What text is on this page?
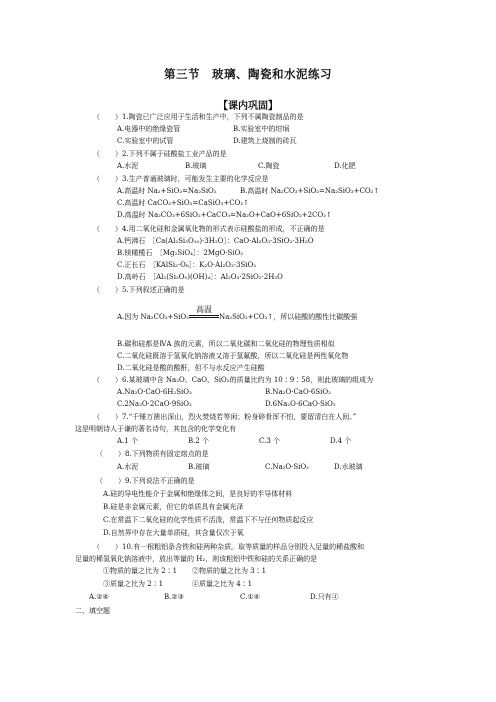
第三节　玻璃、陶瓷和水泥练习
【课内巩固】
（ ）1.陶瓷已广泛应用于生活和生产中，下列不属陶瓷制品的是
A.电器中的绝缘瓷管	B.实验室中的坩埚
C.实验室中的试管	D.建筑上烧制的砖瓦
（ ）2.下列不属于硅酸盐工业产品的是
A.水泥	B.玻璃	C.陶瓷	D.化肥
（ ）3.生产普通玻璃时，可能发生主要的化学反应是
A.高温时 Na₂+SiO₂=Na₂SiO₂	B.高温时 Na₂CO₃+SiO₂=Na₂SiO₃+CO₂↑
C.高温时 CaCO₃+SiO₂=CaSiO₃+CO₂↑
D.高温时 Na₂CO₃+6SiO₂+CaCO₃=Na₂O+CaO+6SiO₂+2CO₂↑
（ ）4.用二氧化硅和金属氧化物的形式表示硅酸盐的形成，不正确的是
A.钙沸石　［Ca(Al₂Si₃O₁₀)·3H₂O］：CaO·Al₂O₃·3SiO₂·3H₂O
B.镁橄榄石　［Mg₂SiO₄］：2MgO·SiO₂
C.正长石　［KAlSi₃·O₈］：K₂O·Al₂O₃·3SiO₂
D.高岭石　［Al₂(Si₂O₅)(OH)₄］：Al₂O₃·2SiO₂·2H₂O
（ ）5.下列叙述正确的是
A.因为 Na₂CO₃+SiO₂
高温
Na₂SiO₃+CO₂↑，所以硅酸的酸性比碳酸强
B.碳和硅都是ⅣA 族的元素，所以二氧化碳和二氧化硅的物理性质相似
C.二氧化硅既溶于氢氧化钠溶液又溶于氢氟酸，所以二氧化硅是两性氧化物
D.二氧化硅是酸的酸酐，但不与水反应产生硅酸
（ ）6.某玻璃中含 Na₂O、CaO、SiO₂的质量比约为 10∶9∶58，则此玻璃的组成为
A.Na₂O·CaO·6H₂SiO₃	B.Na₂O·CaO·6SiO₂
C.2Na₂O·2CaO·9SiO₂	D.6Na₂O·6CaO·SiO₂
（ ）7.“千锤万凿出深山，烈火焚烧若等闲；粉身碎骨浑不怕，要留清白在人间。”
这是明朝诗人于谦的著名诗句，其包含的化学变化有
A.1 个	B.2 个	C.3 个	D.4 个
（ ）8.下列物质有固定熔点的是
A.水泥	B.玻璃	C.Na₂O·SiO₂	D.水玻璃
（ ）9.下列说法不正确的是
A.硅的导电性能介于金属和绝缘体之间，是良好的半导体材料
B.硅是非金属元素，但它的单质具有金属光泽
C.在常温下二氧化硅的化学性质不活泼，常温下不与任何物质起反应
D.自然界中存在大量单质硅，其含量仅次于氧
（ ）10.有一根粗铝条含铁和硅两种杂质。取等质量的样品分别投入足量的稀盐酸和
足量的稀氢氧化钠溶液中，放出等量的 H₂，则该粗铝中铁和硅的关系正确的是
①物质的量之比为 2∶1 ②物质的量之比为 3∶1
③质量之比为 2∶1	④质量之比为 4∶1
A.②④	B.②③	C.①④	D.只有④
二、填空题
